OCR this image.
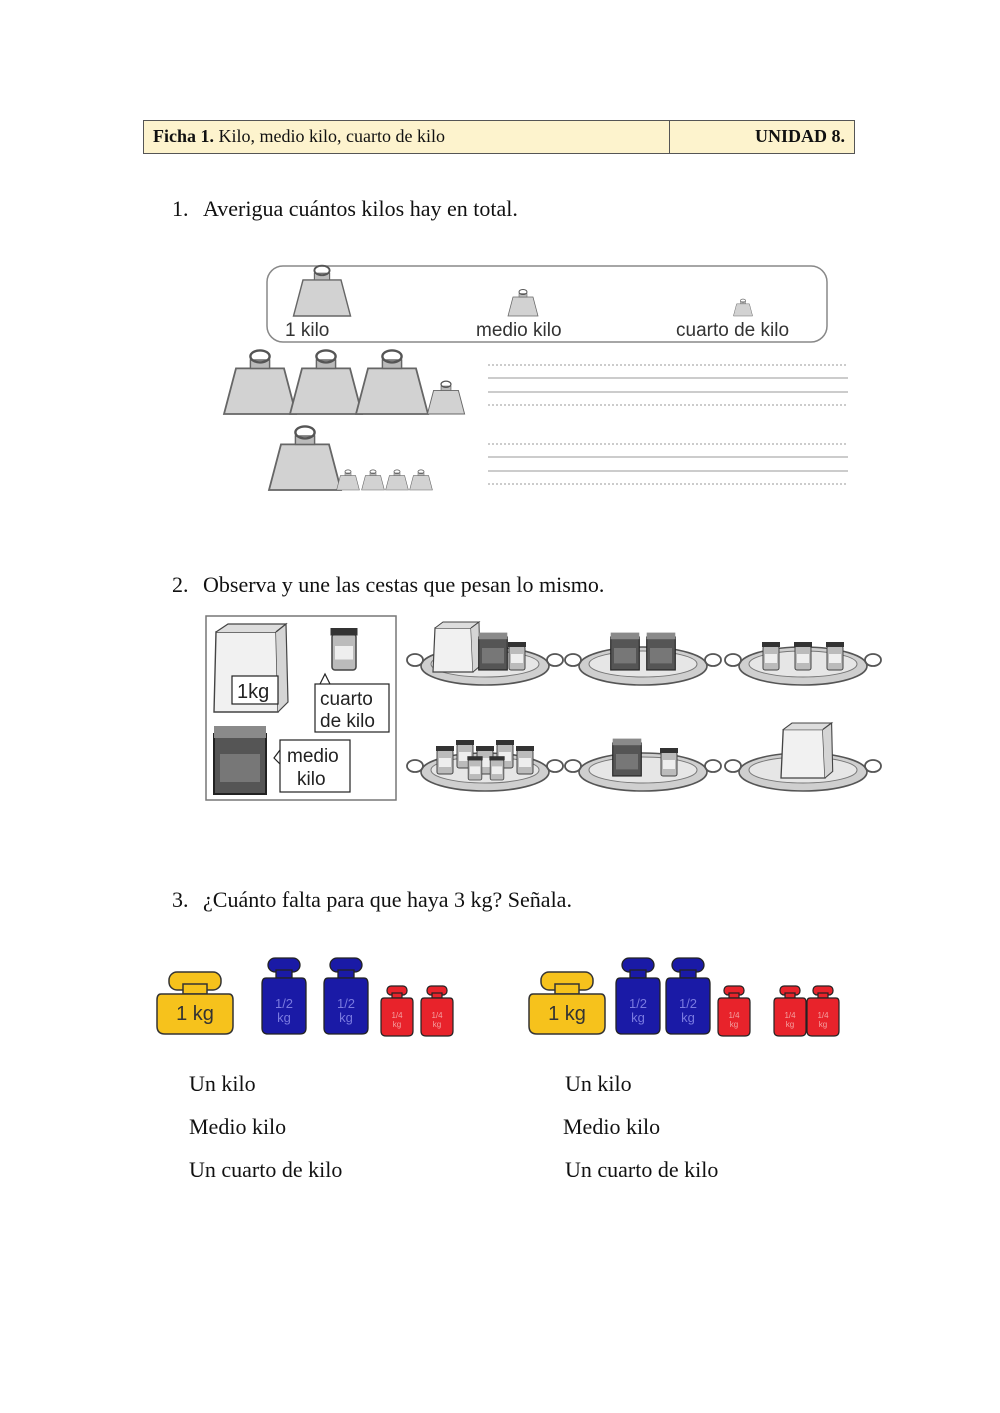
Ficha 1. Kilo, medio kilo, cuarto de kilo	UNIDAD 8.
1. Averigua cuántos kilos hay en total.
1 kilo	medio kilo	cuarto de kilo
2. Observa y une las cestas que pesan lo mismo.
1kg	cuarto
de kilo
medio
kilo
3. ¿Cuánto falta para que haya 3 kg? Señala.
1 kg	1/2
kg
1/2
kg	1/4
kg
1/4
kg	1 kg	1/2
kg
1/2
kg	1/4
kg
1/4
kg
1/4
kg
Un kilo
Medio kilo
Un cuarto de kilo
Un kilo
Medio kilo
Un cuarto de kilo
